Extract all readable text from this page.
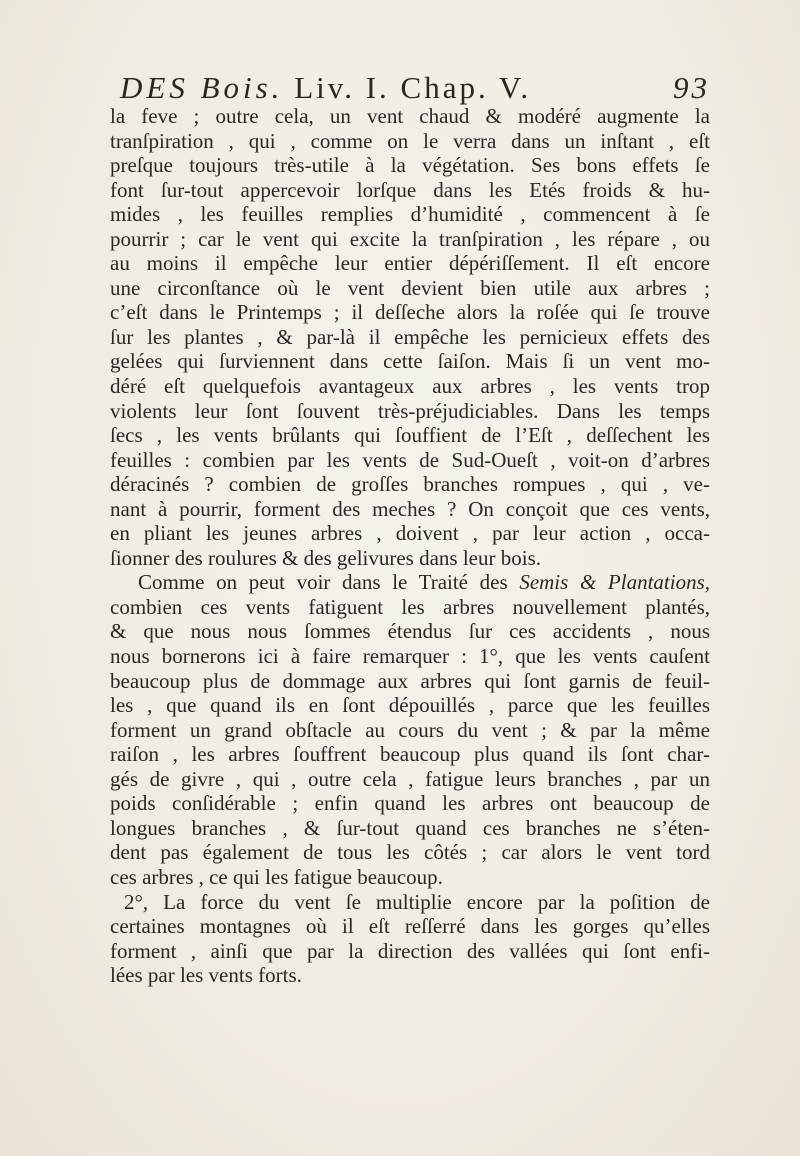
DES Bois. Liv. I. Chap. V.	93
la feve ; outre cela, un vent chaud & modéré augmente la
tranſpiration , qui , comme on le verra dans un inſtant , eſt
preſque toujours très-utile à la végétation. Ses bons effets ſe
font ſur-tout appercevoir lorſque dans les Etés froids & hu-
mides , les feuilles remplies d’humidité , commencent à ſe
pourrir ; car le vent qui excite la tranſpiration , les répare , ou
au moins il empêche leur entier dépériſſement. Il eſt encore
une circonſtance où le vent devient bien utile aux arbres ;
c’eſt dans le Printemps ; il deſſeche alors la roſée qui ſe trouve
ſur les plantes , & par-là il empêche les pernicieux effets des
gelées qui ſurviennent dans cette ſaiſon. Mais ſi un vent mo-
déré eſt quelquefois avantageux aux arbres , les vents trop
violents leur ſont ſouvent très-préjudiciables. Dans les temps
ſecs , les vents brûlants qui ſouffient de l’Eſt , deſſechent les
feuilles : combien par les vents de Sud-Oueſt , voit-on d’arbres
déracinés ? combien de groſſes branches rompues , qui , ve-
nant à pourrir, forment des meches ? On conçoit que ces vents,
en pliant les jeunes arbres , doivent , par leur action , occa-
ſionner des roulures & des gelivures dans leur bois.
Comme on peut voir dans le Traité des Semis & Plantations,
combien ces vents fatiguent les arbres nouvellement plantés,
& que nous nous ſommes étendus ſur ces accidents , nous
nous bornerons ici à faire remarquer : 1°, que les vents cauſent
beaucoup plus de dommage aux arbres qui ſont garnis de feuil-
les , que quand ils en ſont dépouillés , parce que les feuilles
forment un grand obſtacle au cours du vent ; & par la même
raiſon , les arbres ſouffrent beaucoup plus quand ils ſont char-
gés de givre , qui , outre cela , fatigue leurs branches , par un
poids conſidérable ; enfin quand les arbres ont beaucoup de
longues branches , & ſur-tout quand ces branches ne s’éten-
dent pas également de tous les côtés ; car alors le vent tord
ces arbres , ce qui les fatigue beaucoup.
2°, La force du vent ſe multiplie encore par la poſition de
certaines montagnes où il eſt reſſerré dans les gorges qu’elles
forment , ainſi que par la direction des vallées qui ſont enfi-
lées par les vents forts.
